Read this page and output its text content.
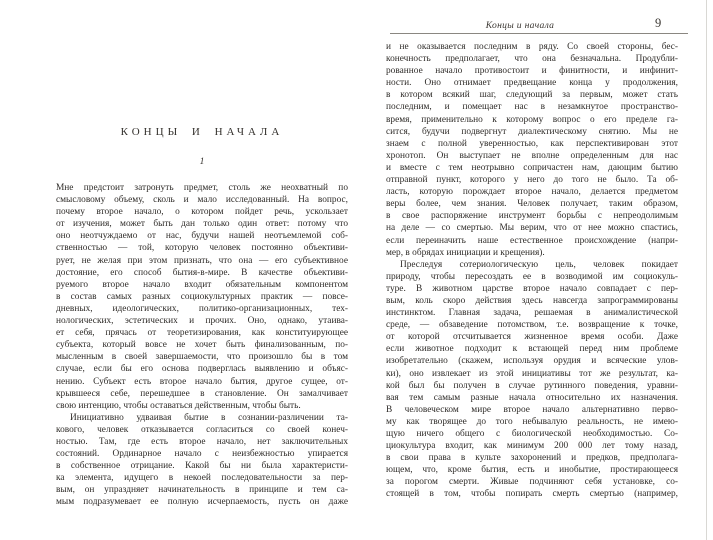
КОНЦЫ И НАЧАЛА
1
Мне предстоит затронуть предмет, столь же неохватный по
смысловому объему, сколь и мало исследованный. На вопрос,
почему второе начало, о котором пойдет речь, ускользает
от изучения, может быть дан только один ответ: потому что
оно неотчуждаемо от нас, будучи нашей неотъемлемой соб-
ственностью — той, которую человек постоянно объективи-
рует, не желая при этом признать, что она — его субъективное
достояние, его способ бытия-в-мире. В качестве объективи-
руемого второе начало входит обязательным компонентом
в состав самых разных социокультурных практик — повсе-
дневных, идеологических, политико-организационных, тех-
нологических, эстетических и прочих. Оно, однако, утаива-
ет себя, прячась от теоретизирования, как конституирующее
субъекта, который вовсе не хочет быть финализованным, по-
мысленным в своей завершаемости, что произошло бы в том
случае, если бы его основа подверглась выявлению и объяс-
нению. Субъект есть второе начало бытия, другое сущее, от-
крывшееся себе, перешедшее в становление. Он замалчивает
свою интенцию, чтобы оставаться действенным, чтобы быть.
Инициативно удваивая бытие в сознании-различении та-
кового, человек отказывается согласиться со своей конеч-
ностью. Там, где есть второе начало, нет заключительных
состояний. Ординарное начало с неизбежностью упирается
в собственное отрицание. Какой бы ни была характеристи-
ка элемента, идущего в некоей последовательности за пер-
вым, он упраздняет начинательность в принципе и тем са-
мым подразумевает ее полную исчерпаемость, пусть он даже
Концы и начала	9
и не оказывается последним в ряду. Со своей стороны, бес-
конечность предполагает, что она безначальна. Продубли-
рованное начало противостоит и финитности, и инфинит-
ности. Оно отнимает предвещание конца у продолжения,
в котором всякий шаг, следующий за первым, может стать
последним, и помещает нас в незамкнутое пространство-
время, применительно к которому вопрос о его пределе га-
сится, будучи подвергнут диалектическому снятию. Мы не
знаем с полной уверенностью, как перспективирован этот
хронотоп. Он выступает не вполне определенным для нас
и вместе с тем неотрывно сопричастен нам, дающим бытию
отправной пункт, которого у него до того не было. Та об-
ласть, которую порождает второе начало, делается предметом
веры более, чем знания. Человек получает, таким образом,
в свое распоряжение инструмент борьбы с непреодолимым
на деле — со смертью. Мы верим, что от нее можно спастись,
если переиначить наше естественное происхождение (напри-
мер, в обрядах инициации и крещения).
Преследуя сотериологическую цель, человек покидает
природу, чтобы пересоздать ее в возводимой им социокуль-
туре. В животном царстве второе начало совпадает с пер-
вым, коль скоро действия здесь навсегда запрограммированы
инстинктом. Главная задача, решаемая в анималистической
среде, — обзаведение потомством, т.е. возвращение к точке,
от которой отсчитывается жизненное время особи. Даже
если животное подходит к встающей перед ним проблеме
изобретательно (скажем, используя орудия и всяческие улов-
ки), оно извлекает из этой инициативы тот же результат, ка-
кой был бы получен в случае рутинного поведения, уравни-
вая тем самым разные начала относительно их назначения.
В человеческом мире второе начало альтернативно перво-
му как творящее до того небывалую реальность, не имею-
щую ничего общего с биологической необходимостью. Со-
циокультура входит, как минимум 200 000 лет тому назад,
в свои права в культе захоронений и предков, предполага-
ющем, что, кроме бытия, есть и инобытие, простирающееся
за порогом смерти. Живые подчиняют себя установке, со-
стоящей в том, чтобы попирать смерть смертью (например,
